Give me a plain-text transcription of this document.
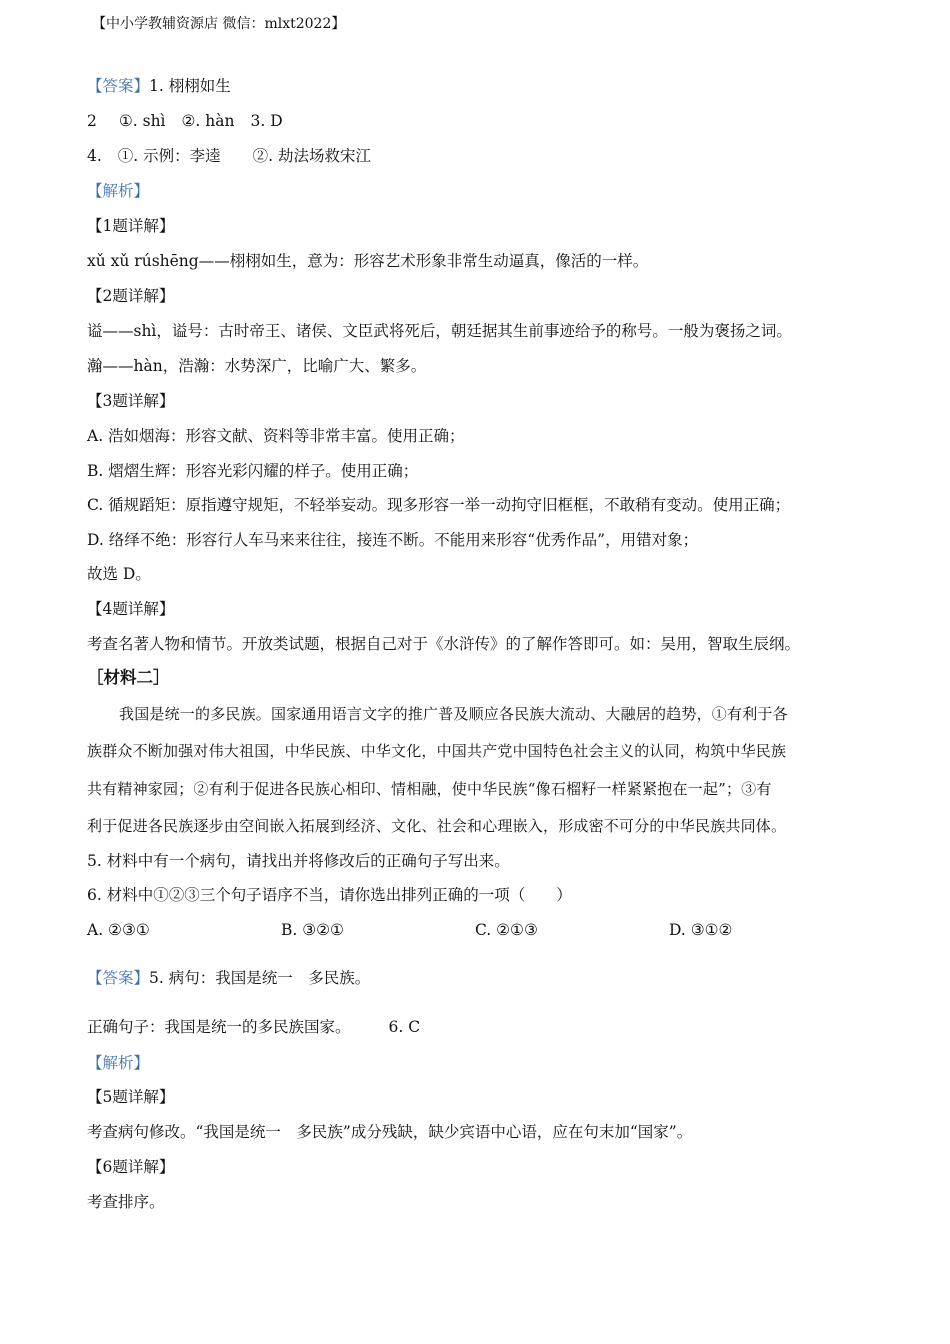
【中小学教辅资源店 微信：mlxt2022】
【答案】1. 栩栩如生
2 ①. shì ②. hàn 3. D
4. ①. 示例：李逵 ②. 劫法场救宋江
【解析】
【1题详解】
xǔ xǔ rúshēng——栩栩如生，意为：形容艺术形象非常生动逼真，像活的一样。
【2题详解】
谥——shì，谥号：古时帝王、诸侯、文臣武将死后，朝廷据其生前事迹给予的称号。一般为褒扬之词。
瀚——hàn，浩瀚：水势深广，比喻广大、繁多。
【3题详解】
A. 浩如烟海：形容文献、资料等非常丰富。使用正确；
B. 熠熠生辉：形容光彩闪耀的样子。使用正确；
C. 循规蹈矩：原指遵守规矩，不轻举妄动。现多形容一举一动拘守旧框框，不敢稍有变动。使用正确；
D. 络绎不绝：形容行人车马来来往往，接连不断。不能用来形容“优秀作品”，用错对象；
故选 D。
【4题详解】
考查名著人物和情节。开放类试题，根据自己对于《水浒传》的了解作答即可。如：吴用，智取生辰纲。
［材料二］
我国是统一的多民族。国家通用语言文字的推广普及顺应各民族大流动、大融居的趋势，①有利于各
族群众不断加强对伟大祖国，中华民族、中华文化，中国共产党中国特色社会主义的认同，构筑中华民族
共有精神家园；②有利于促进各民族心相印、情相融，使中华民族“像石榴籽一样紧紧抱在一起”；③有
利于促进各民族逐步由空间嵌入拓展到经济、文化、社会和心理嵌入，形成密不可分的中华民族共同体。
5. 材料中有一个病句，请找出并将修改后的正确句子写出来。
6. 材料中①②③三个句子语序不当，请你选出排列正确的一项（　　）
A. ②③①	B. ③②①	C. ②①③	D. ③①②
【答案】5. 病句：我国是统一　多民族。
正确句子：我国是统一的多民族国家。 6. C
【解析】
【5题详解】
考查病句修改。“我国是统一　多民族”成分残缺，缺少宾语中心语，应在句末加“国家”。
【6题详解】
考查排序。
